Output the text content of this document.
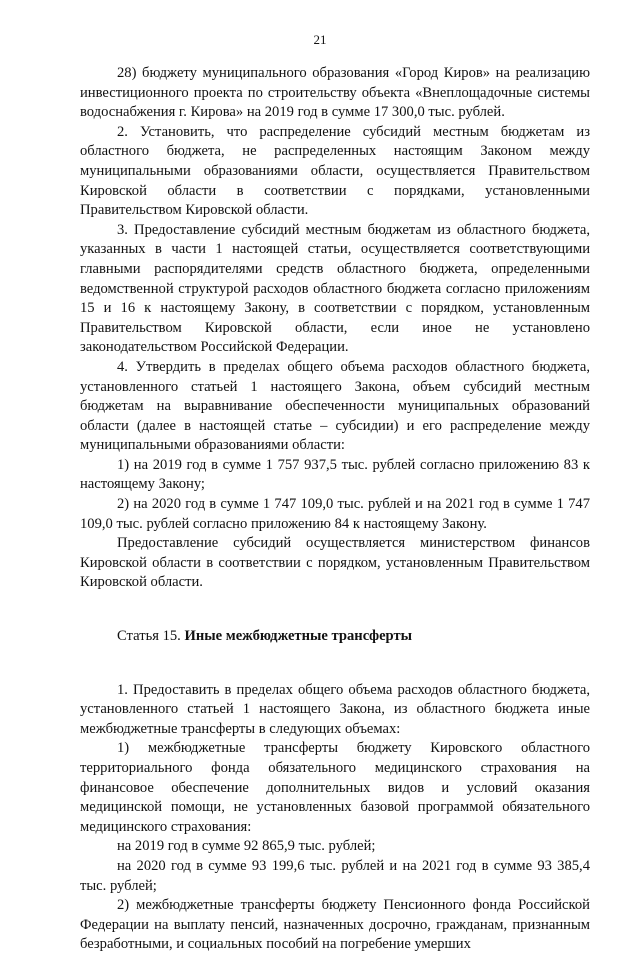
21

28) бюджету муниципального образования «Город Киров» на реализацию инвестиционного проекта по строительству объекта «Внеплощадочные системы водоснабжения г. Кирова» на 2019 год в сумме 17 300,0 тыс. рублей.

2. Установить, что распределение субсидий местным бюджетам из областного бюджета, не распределенных настоящим Законом между муниципальными образованиями области, осуществляется Правительством Кировской области в соответствии с порядками, установленными Правительством Кировской области.

3. Предоставление субсидий местным бюджетам из областного бюджета, указанных в части 1 настоящей статьи, осуществляется соответствующими главными распорядителями средств областного бюджета, определенными ведомственной структурой расходов областного бюджета согласно приложениям 15 и 16 к настоящему Закону, в соответствии с порядком, установленным Правительством Кировской области, если иное не установлено законодательством Российской Федерации.

4. Утвердить в пределах общего объема расходов областного бюджета, установленного статьей 1 настоящего Закона, объем субсидий местным бюджетам на выравнивание обеспеченности муниципальных образований области (далее в настоящей статье – субсидии) и его распределение между муниципальными образованиями области:

1) на 2019 год в сумме 1 757 937,5 тыс. рублей согласно приложению 83 к настоящему Закону;

2) на 2020 год в сумме 1 747 109,0 тыс. рублей и на 2021 год в сумме 1 747 109,0 тыс. рублей согласно приложению 84 к настоящему Закону.

Предоставление субсидий осуществляется министерством финансов Кировской области в соответствии с порядком, установленным Правительством Кировской области.

Статья 15. Иные межбюджетные трансферты

1. Предоставить в пределах общего объема расходов областного бюджета, установленного статьей 1 настоящего Закона, из областного бюджета иные межбюджетные трансферты в следующих объемах:

1) межбюджетные трансферты бюджету Кировского областного территориального фонда обязательного медицинского страхования на финансовое обеспечение дополнительных видов и условий оказания медицинской помощи, не установленных базовой программой обязательного медицинского страхования:

на 2019 год в сумме 92 865,9 тыс. рублей;

на 2020 год в сумме 93 199,6 тыс. рублей и на 2021 год в сумме 93 385,4 тыс. рублей;

2) межбюджетные трансферты бюджету Пенсионного фонда Российской Федерации на выплату пенсий, назначенных досрочно, гражданам, признанным безработными, и социальных пособий на погребение умерших
